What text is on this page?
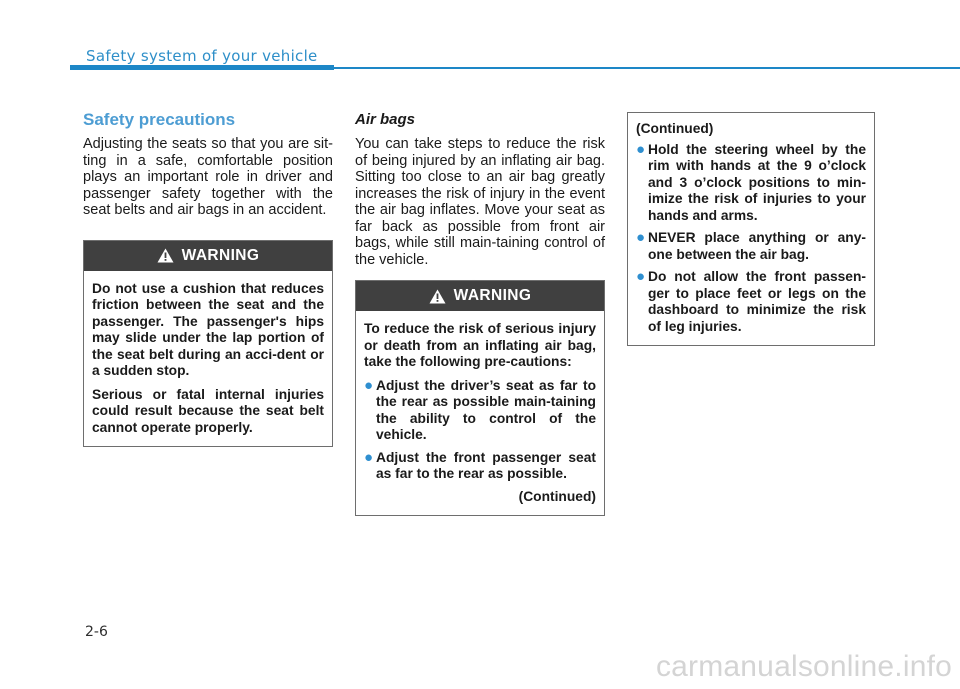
Safety system of your vehicle
Safety precautions

Adjusting the seats so that you are sit-ting in a safe, comfortable position plays an important role in driver and passenger safety together with the seat belts and air bags in an accident.

WARNING

Do not use a cushion that reduces friction between the seat and the passenger. The passenger's hips may slide under the lap portion of the seat belt during an acci-dent or a sudden stop.

Serious or fatal internal injuries could result because the seat belt cannot operate properly.

Air bags

You can take steps to reduce the risk of being injured by an inflating air bag. Sitting too close to an air bag greatly increases the risk of injury in the event the air bag inflates. Move your seat as far back as possible from front air bags, while still main-taining control of the vehicle.

WARNING

To reduce the risk of serious injury or death from an inflating air bag, take the following pre-cautions:

● Adjust the driver’s seat as far to the rear as possible main-taining the ability to control of the vehicle.
● Adjust the front passenger seat as far to the rear as possible.

(Continued)

(Continued)

● Hold the steering wheel by the rim with hands at the 9 o’clock and 3 o’clock positions to min-imize the risk of injuries to your hands and arms.
● NEVER place anything or any-one between the air bag.
● Do not allow the front passen-ger to place feet or legs on the dashboard to minimize the risk of leg injuries.
2-6
carmanualsonline.info
